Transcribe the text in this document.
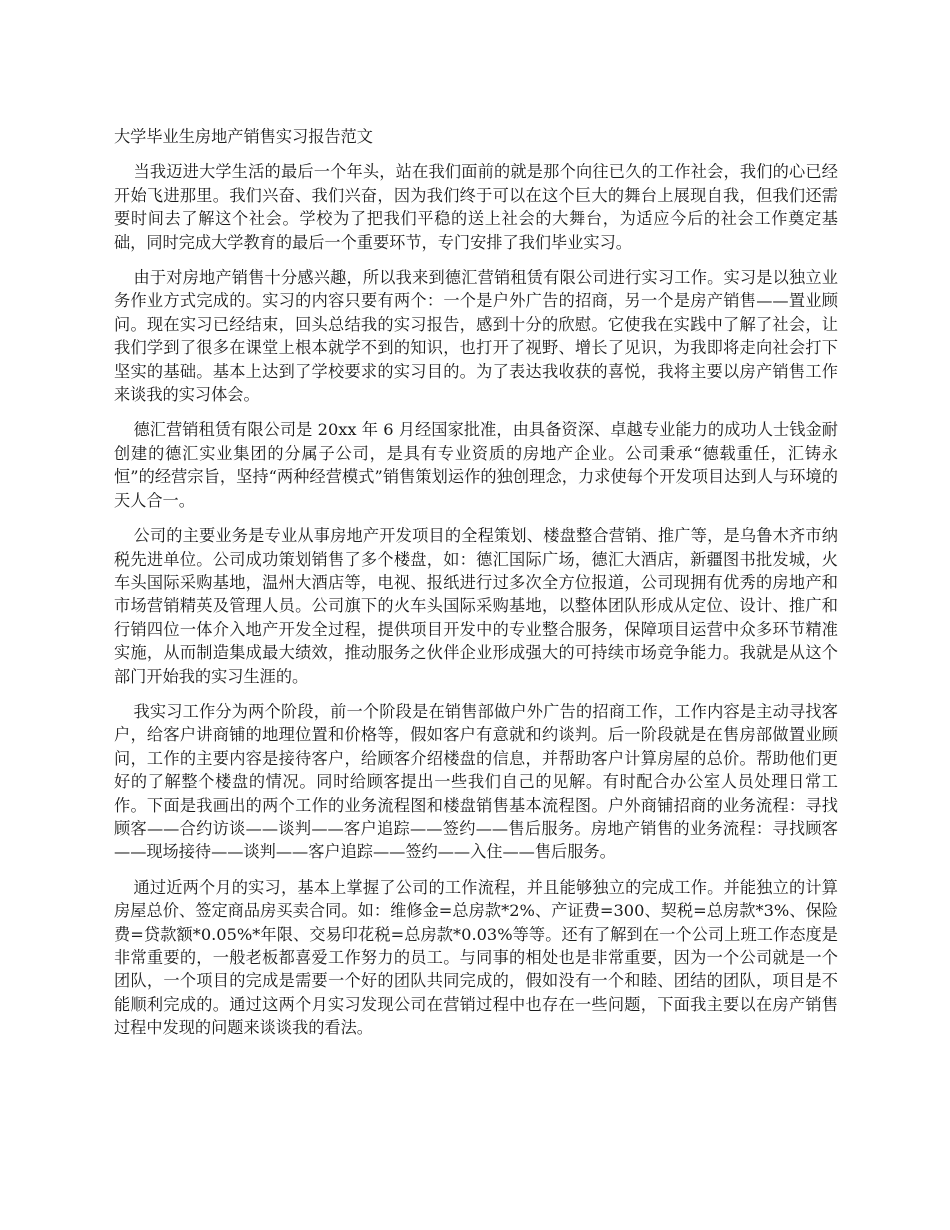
大学毕业生房地产销售实习报告范文

当我迈进大学生活的最后一个年头，站在我们面前的就是那个向往已久的工作社会，我们的心已经开始飞进那里。我们兴奋、我们兴奋，因为我们终于可以在这个巨大的舞台上展现自我，但我们还需要时间去了解这个社会。学校为了把我们平稳的送上社会的大舞台，为适应今后的社会工作奠定基础，同时完成大学教育的最后一个重要环节，专门安排了我们毕业实习。

由于对房地产销售十分感兴趣，所以我来到德汇营销租赁有限公司进行实习工作。实习是以独立业务作业方式完成的。实习的内容只要有两个：一个是户外广告的招商，另一个是房产销售——置业顾问。现在实习已经结束，回头总结我的实习报告，感到十分的欣慰。它使我在实践中了解了社会，让我们学到了很多在课堂上根本就学不到的知识，也打开了视野、增长了见识，为我即将走向社会打下坚实的基础。基本上达到了学校要求的实习目的。为了表达我收获的喜悦，我将主要以房产销售工作来谈我的实习体会。

德汇营销租赁有限公司是 20xx 年 6 月经国家批准，由具备资深、卓越专业能力的成功人士钱金耐创建的德汇实业集团的分属子公司，是具有专业资质的房地产企业。公司秉承“德载重任，汇铸永恒”的经营宗旨，坚持“两种经营模式”销售策划运作的独创理念，力求使每个开发项目达到人与环境的天人合一。

公司的主要业务是专业从事房地产开发项目的全程策划、楼盘整合营销、推广等，是乌鲁木齐市纳税先进单位。公司成功策划销售了多个楼盘，如：德汇国际广场，德汇大酒店，新疆图书批发城，火车头国际采购基地，温州大酒店等，电视、报纸进行过多次全方位报道，公司现拥有优秀的房地产和市场营销精英及管理人员。公司旗下的火车头国际采购基地，以整体团队形成从定位、设计、推广和行销四位一体介入地产开发全过程，提供项目开发中的专业整合服务，保障项目运营中众多环节精准实施，从而制造集成最大绩效，推动服务之伙伴企业形成强大的可持续市场竞争能力。我就是从这个部门开始我的实习生涯的。

我实习工作分为两个阶段，前一个阶段是在销售部做户外广告的招商工作，工作内容是主动寻找客户，给客户讲商铺的地理位置和价格等，假如客户有意就和约谈判。后一阶段就是在售房部做置业顾问，工作的主要内容是接待客户，给顾客介绍楼盘的信息，并帮助客户计算房屋的总价。帮助他们更好的了解整个楼盘的情况。同时给顾客提出一些我们自己的见解。有时配合办公室人员处理日常工作。下面是我画出的两个工作的业务流程图和楼盘销售基本流程图。户外商铺招商的业务流程：寻找顾客——合约访谈——谈判——客户追踪——签约——售后服务。房地产销售的业务流程：寻找顾客——现场接待——谈判——客户追踪——签约——入住——售后服务。

通过近两个月的实习，基本上掌握了公司的工作流程，并且能够独立的完成工作。并能独立的计算房屋总价、签定商品房买卖合同。如：维修金=总房款*2%、产证费=300、契税=总房款*3%、保险费=贷款额*0.05%*年限、交易印花税=总房款*0.03%等等。还有了解到在一个公司上班工作态度是非常重要的，一般老板都喜爱工作努力的员工。与同事的相处也是非常重要，因为一个公司就是一个团队，一个项目的完成是需要一个好的团队共同完成的，假如没有一个和睦、团结的团队，项目是不能顺利完成的。通过这两个月实习发现公司在营销过程中也存在一些问题，下面我主要以在房产销售过程中发现的问题来谈谈我的看法。
